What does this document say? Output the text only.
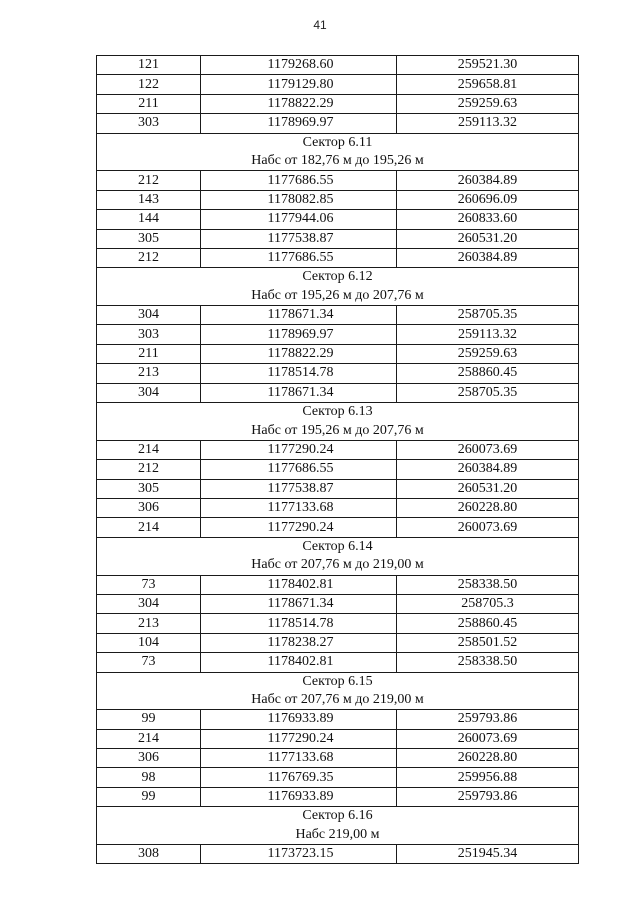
41
121	1179268.60	259521.30
122	1179129.80	259658.81
211	1178822.29	259259.63
303	1178969.97	259113.32
Сектор 6.11		
Набс от 182,76 м до 195,26 м		
212	1177686.55	260384.89
143	1178082.85	260696.09
144	1177944.06	260833.60
305	1177538.87	260531.20
212	1177686.55	260384.89
Сектор 6.12		
Набс от 195,26 м до 207,76 м		
304	1178671.34	258705.35
303	1178969.97	259113.32
211	1178822.29	259259.63
213	1178514.78	258860.45
304	1178671.34	258705.35
Сектор 6.13		
Набс от 195,26 м до 207,76 м		
214	1177290.24	260073.69
212	1177686.55	260384.89
305	1177538.87	260531.20
306	1177133.68	260228.80
214	1177290.24	260073.69
Сектор 6.14		
Набс от 207,76 м до 219,00 м		
73	1178402.81	258338.50
304	1178671.34	258705.3
213	1178514.78	258860.45
104	1178238.27	258501.52
73	1178402.81	258338.50
Сектор 6.15		
Набс от 207,76 м до 219,00 м		
99	1176933.89	259793.86
214	1177290.24	260073.69
306	1177133.68	260228.80
98	1176769.35	259956.88
99	1176933.89	259793.86
Сектор 6.16		
Набс 219,00 м		
308	1173723.15	251945.34
